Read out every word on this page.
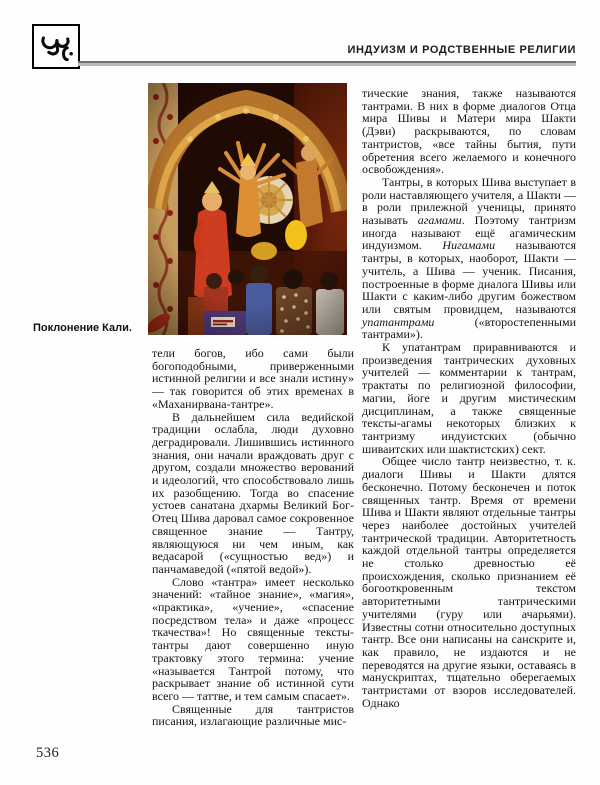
ИНДУИЗМ И РОДСТВЕННЫЕ РЕЛИГИИ
Поклонение Кали.

тели богов, ибо сами были богоподобными, приверженными истинной религии и все знали истину» — так говорится об этих временах в «Маханирвана-тантре».

В дальнейшем сила ведийской традиции ослабла, люди духовно деградировали. Лишившись истинного знания, они начали враждовать друг с другом, создали множество верований и идеологий, что способствовало лишь их разобщению. Тогда во спасение устоев санатана дхармы Великий Бог-Отец Шива даровал самое сокровенное священное знание — Тантру, являющуюся ни чем иным, как ведасарой («сущностью вед») и панчамаведой («пятой ведой»).

Слово «тантра» имеет несколько значений: «тайное знание», «магия», «практика», «учение», «спасение посредством тела» и даже «процесс ткачества»! Но священные тексты-тантры дают совершенно иную трактовку этого термина: учение «называется Тантрой потому, что раскрывает знание об истинной сути всего — таттве, и тем самым спасает».

Священные для тантристов писания, излагающие различные мис-

тические знания, также называются тантрами. В них в форме диалогов Отца мира Шивы и Матери мира Шакти (Дэви) раскрываются, по словам тантристов, «все тайны бытия, пути обретения всего желаемого и конечного освобождения».

Тантры, в которых Шива выступает в роли наставляющего учителя, а Шакти — в роли прилежной ученицы, принято называть агамами. Поэтому тантризм иногда называют ещё агамическим индуизмом. Нигамами называются тантры, в которых, наоборот, Шакти — учитель, а Шива — ученик. Писания, построенные в форме диалога Шивы или Шакти с каким-либо другим божеством или святым провидцем, называются упатантрами («второстепенными тантрами»).

К упатантрам приравниваются и произведения тантрических духовных учителей — комментарии к тантрам, трактаты по религиозной философии, магии, йоге и другим мистическим дисциплинам, а также священные тексты-агамы некоторых близких к тантризму индуистских (обычно шиваитских или шактистских) сект.

Общее число тантр неизвестно, т. к. диалоги Шивы и Шакти длятся бесконечно. Потому бесконечен и поток священных тантр. Время от времени Шива и Шакти являют отдельные тантры через наиболее достойных учителей тантрической традиции. Авторитетность каждой отдельной тантры определяется не столько древностью её происхождения, сколько признанием её богооткровенным текстом авторитетными тантрическими учителями (гуру или ачарьями). Известны сотни относительно доступных тантр. Все они написаны на санскрите и, как правило, не издаются и не переводятся на другие языки, оставаясь в манускриптах, тщательно оберегаемых тантристами от взоров исследователей. Однако

536
